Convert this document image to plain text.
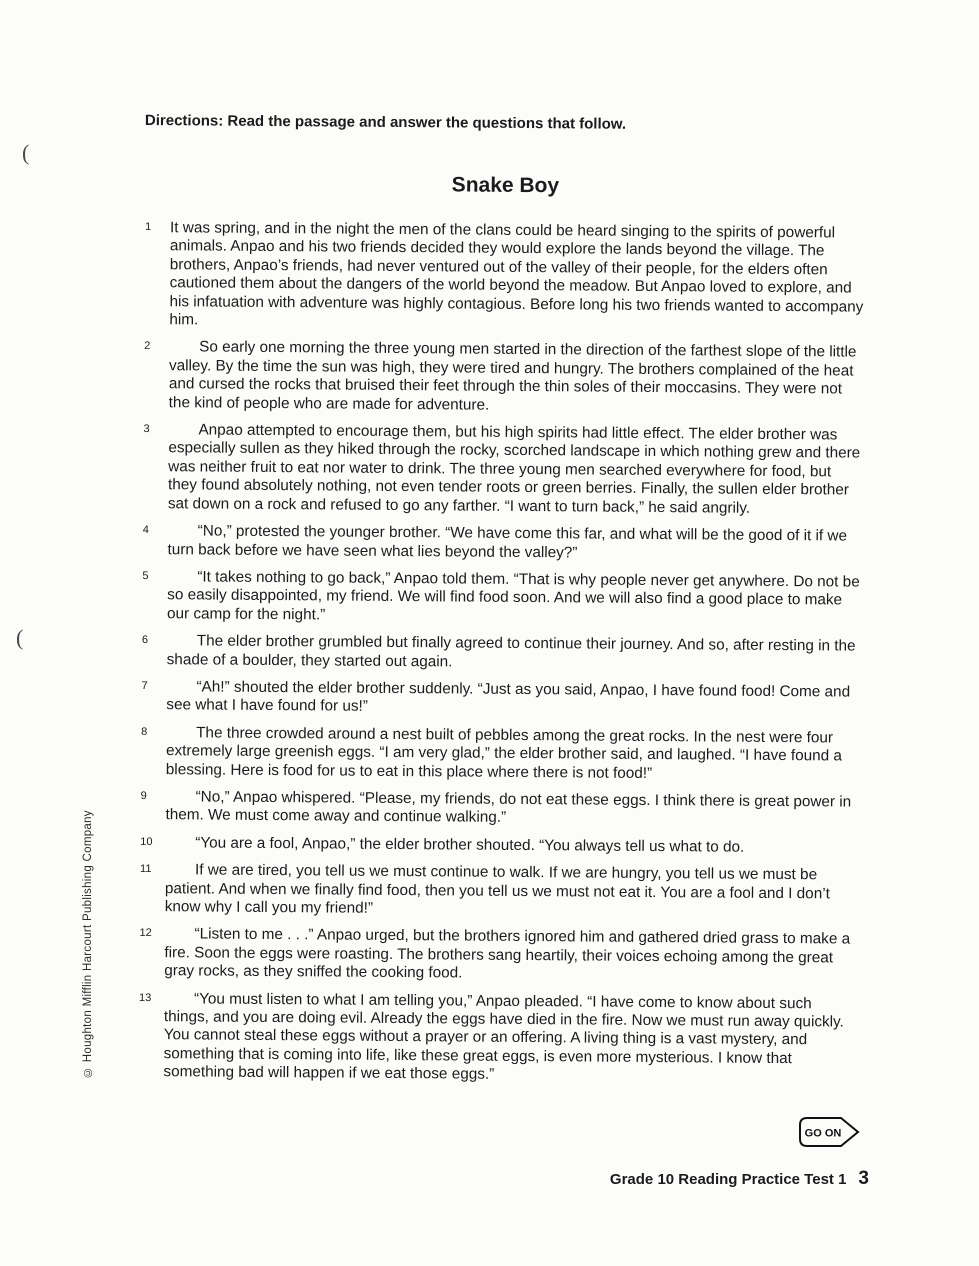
(
(
© Houghton Mifflin Harcourt Publishing Company

Directions: Read the passage and answer the questions that follow.

Snake Boy
1 It was spring, and in the night the men of the clans could be heard singing to the spirits of powerful animals. Anpao and his two friends decided they would explore the lands beyond the village. The brothers, Anpao’s friends, had never ventured out of the valley of their people, for the elders often cautioned them about the dangers of the world beyond the meadow. But Anpao loved to explore, and his infatuation with adventure was highly contagious. Before long his two friends wanted to accompany him.
2	So early one morning the three young men started in the direction of the farthest slope of the little valley. By the time the sun was high, they were tired and hungry. The brothers complained of the heat and cursed the rocks that bruised their feet through the thin soles of their moccasins. They were not the kind of people who are made for adventure.
3	Anpao attempted to encourage them, but his high spirits had little effect. The elder brother was especially sullen as they hiked through the rocky, scorched landscape in which nothing grew and there was neither fruit to eat nor water to drink. The three young men searched everywhere for food, but they found absolutely nothing, not even tender roots or green berries. Finally, the sullen elder brother sat down on a rock and refused to go any farther. “I want to turn back,” he said angrily.
4	“No,” protested the younger brother. “We have come this far, and what will be the good of it if we turn back before we have seen what lies beyond the valley?”
5	“It takes nothing to go back,” Anpao told them. “That is why people never get anywhere. Do not be so easily disappointed, my friend. We will find food soon. And we will also find a good place to make our camp for the night.”
6	The elder brother grumbled but finally agreed to continue their journey. And so, after resting in the shade of a boulder, they started out again.
7	“Ah!” shouted the elder brother suddenly. “Just as you said, Anpao, I have found food! Come and see what I have found for us!”
8	The three crowded around a nest built of pebbles among the great rocks. In the nest were four extremely large greenish eggs. “I am very glad,” the elder brother said, and laughed. “I have found a blessing. Here is food for us to eat in this place where there is not food!”
9	“No,” Anpao whispered. “Please, my friends, do not eat these eggs. I think there is great power in them. We must come away and continue walking.”
10	“You are a fool, Anpao,” the elder brother shouted. “You always tell us what to do.
11	If we are tired, you tell us we must continue to walk. If we are hungry, you tell us we must be patient. And when we finally find food, then you tell us we must not eat it. You are a fool and I don’t know why I call you my friend!”
12	“Listen to me . . .” Anpao urged, but the brothers ignored him and gathered dried grass to make a fire. Soon the eggs were roasting. The brothers sang heartily, their voices echoing among the great gray rocks, as they sniffed the cooking food.
13	“You must listen to what I am telling you,” Anpao pleaded. “I have come to know about such things, and you are doing evil. Already the eggs have died in the fire. Now we must run away quickly. You cannot steal these eggs without a prayer or an offering. A living thing is a vast mystery, and something that is coming into life, like these great eggs, is even more mysterious. I know that something bad will happen if we eat those eggs.”
GO ON
Grade 10 Reading Practice Test 1 3
